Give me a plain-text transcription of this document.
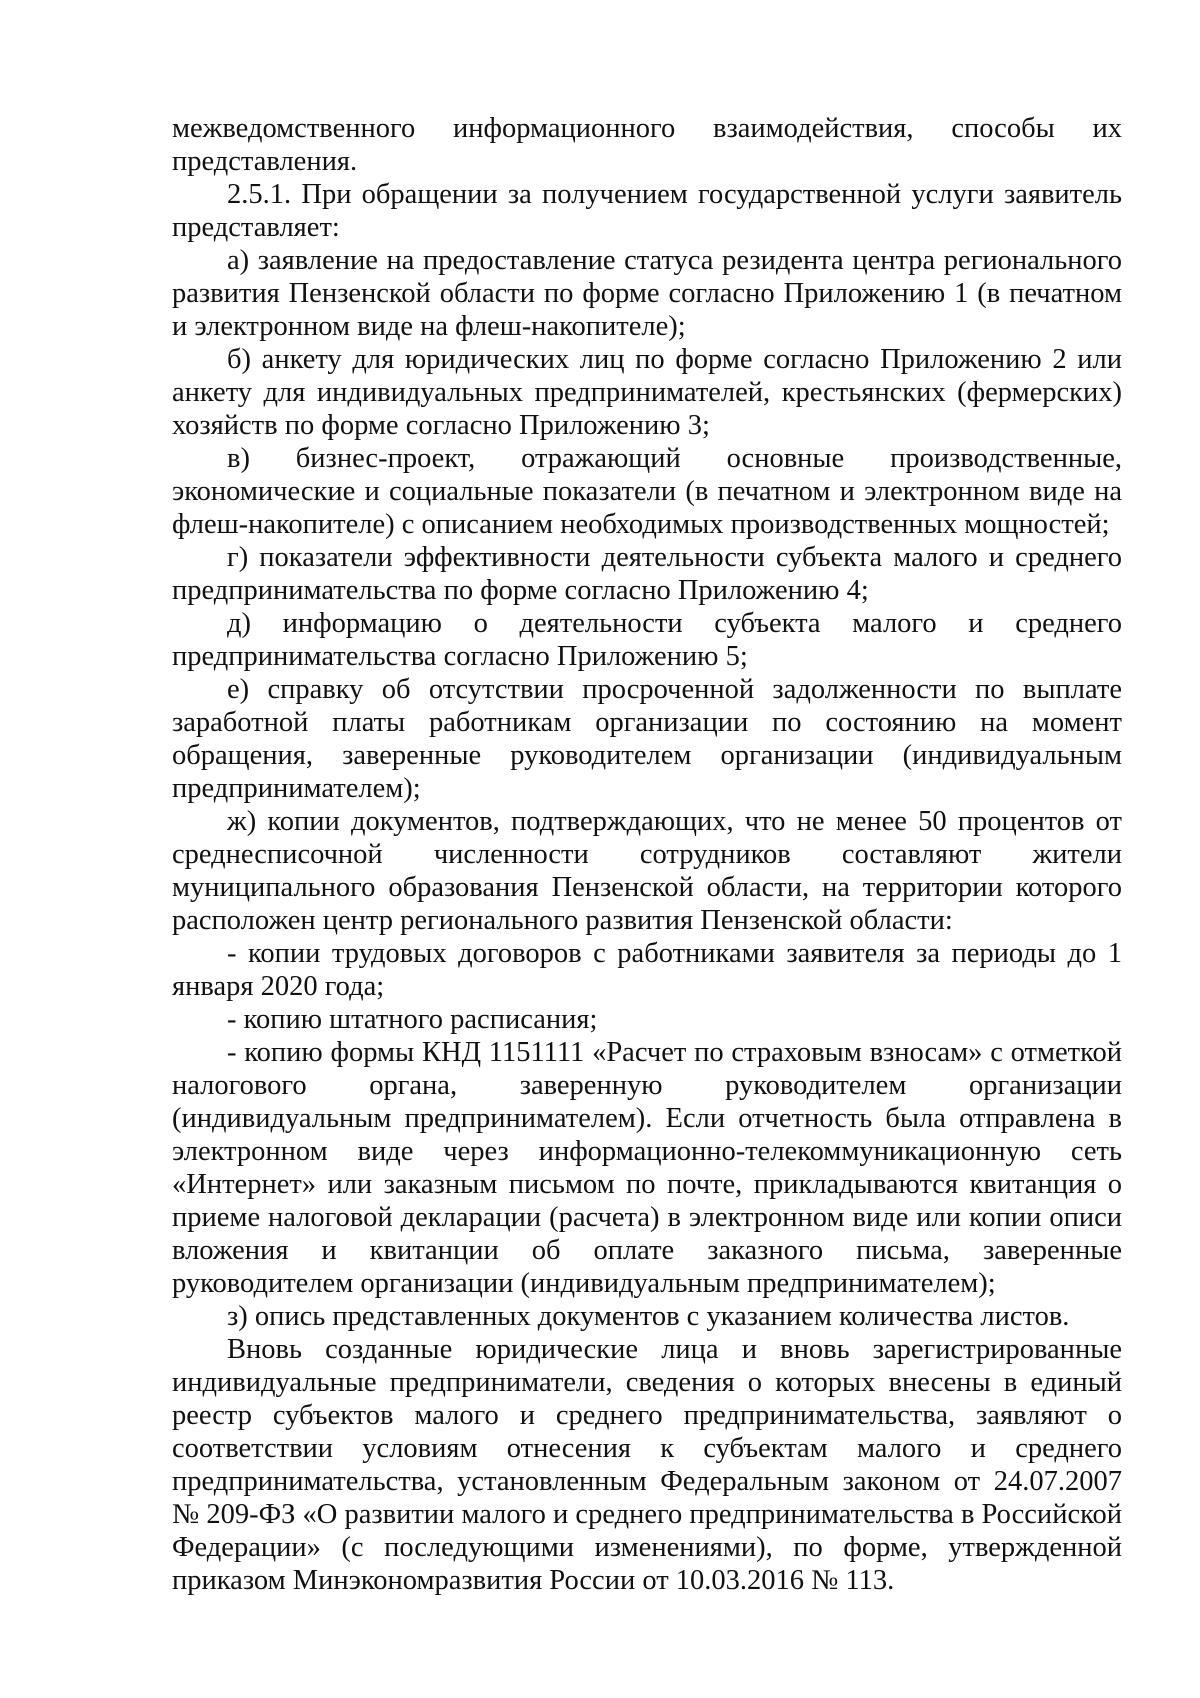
межведомственного информационного взаимодействия, способы их представления.

2.5.1. При обращении за получением государственной услуги заявитель представляет:

а) заявление на предоставление статуса резидента центра регионального развития Пензенской области по форме согласно Приложению 1 (в печатном и электронном виде на флеш-накопителе);

б) анкету для юридических лиц по форме согласно Приложению 2 или анкету для индивидуальных предпринимателей, крестьянских (фермерских) хозяйств по форме согласно Приложению 3;

в) бизнес-проект, отражающий основные производственные, экономические и социальные показатели (в печатном и электронном виде на флеш-накопителе) с описанием необходимых производственных мощностей;

г) показатели эффективности деятельности субъекта малого и среднего предпринимательства по форме согласно Приложению 4;

д) информацию о деятельности субъекта малого и среднего предпринимательства согласно Приложению 5;

е) справку об отсутствии просроченной задолженности по выплате заработной платы работникам организации по состоянию на момент обращения, заверенные руководителем организации (индивидуальным предпринимателем);

ж) копии документов, подтверждающих, что не менее 50 процентов от среднесписочной численности сотрудников составляют жители муниципального образования Пензенской области, на территории которого расположен центр регионального развития Пензенской области:

- копии трудовых договоров с работниками заявителя за периоды до 1 января 2020 года;

- копию штатного расписания;

- копию формы КНД 1151111 «Расчет по страховым взносам» с отметкой налогового органа, заверенную руководителем организации (индивидуальным предпринимателем). Если отчетность была отправлена в электронном виде через информационно-телекоммуникационную сеть «Интернет» или заказным письмом по почте, прикладываются квитанция о приеме налоговой декларации (расчета) в электронном виде или копии описи вложения и квитанции об оплате заказного письма, заверенные руководителем организации (индивидуальным предпринимателем);

з) опись представленных документов с указанием количества листов.

Вновь созданные юридические лица и вновь зарегистрированные индивидуальные предприниматели, сведения о которых внесены в единый реестр субъектов малого и среднего предпринимательства, заявляют о соответствии условиям отнесения к субъектам малого и среднего предпринимательства, установленным Федеральным законом от 24.07.2007 № 209-ФЗ «О развитии малого и среднего предпринимательства в Российской Федерации» (с последующими изменениями), по форме, утвержденной приказом Минэкономразвития России от 10.03.2016 № 113.
